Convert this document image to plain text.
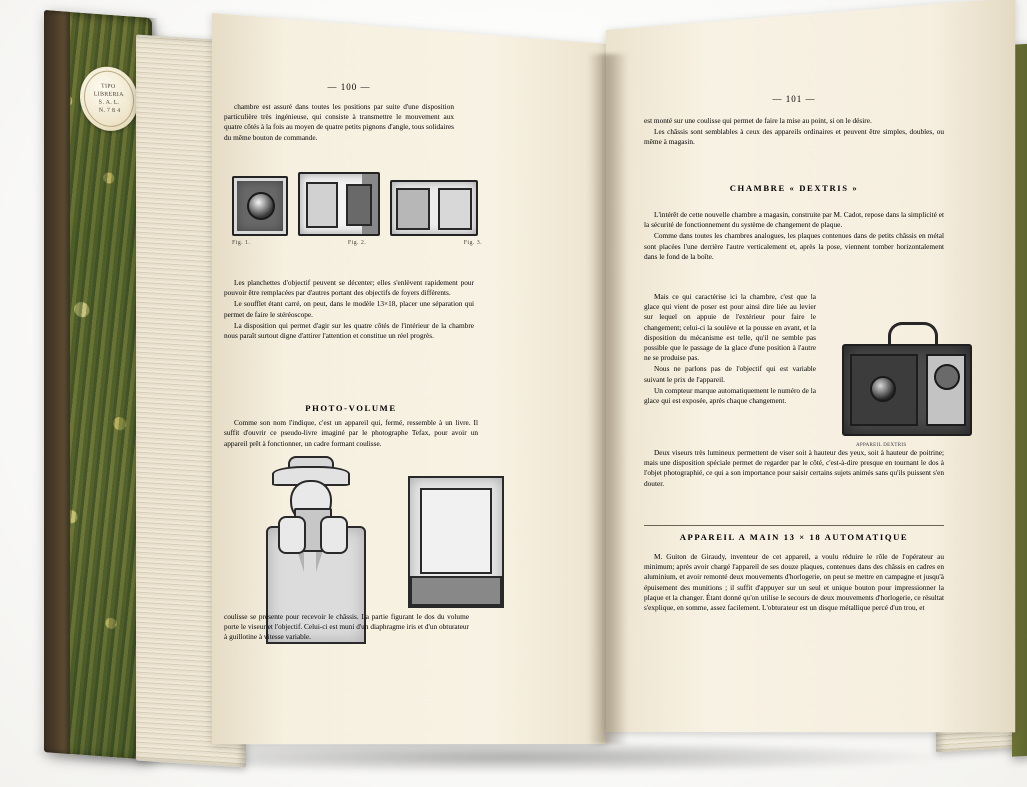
TIPO
LIBRERIA
S. A. L.
N. 7 8 4
— 100 —

chambre est assuré dans toutes les positions par suite d'une disposition particulière très ingénieuse, qui consiste à transmettre le mouvement aux quatre côtés à la fois au moyen de quatre petits pignons d'angle, tous solidaires du même bouton de commande.

Fig. 1.	Fig. 2.	Fig. 3.

Les planchettes d'objectif peuvent se décenter; elles s'enlèvent rapidement pour pouvoir être remplacées par d'autres portant des objectifs de foyers différents.

Le soufflet étant carré, on peut, dans le modèle 13×18, placer une séparation qui permet de faire le stéréoscope.

La disposition qui permet d'agir sur les quatre côtés de l'intérieur de la chambre nous paraît surtout digne d'attirer l'attention et constitue un réel progrès.

PHOTO-VOLUME

Comme son nom l'indique, c'est un appareil qui, fermé, ressemble à un livre. Il suffit d'ouvrir ce pseudo-livre imaginé par le photographe Tefax, pour avoir un appareil prêt à fonctionner, un cadre formant coulisse.

coulisse se présente pour recevoir le châssis. La partie figurant le dos du volume porte le viseur et l'objectif. Celui-ci est muni d'un diaphragme iris et d'un obturateur à guillotine à vitesse variable.

— 101 —

est monté sur une coulisse qui permet de faire la mise au point, si on le désire.

Les châssis sont semblables à ceux des appareils ordinaires et peuvent être simples, doubles, ou même à magasin.

CHAMBRE « DEXTRIS »

L'intérêt de cette nouvelle chambre a magasin, construite par M. Cadot, repose dans la simplicité et la sécurité de fonctionnement du système de changement de plaque.

Comme dans toutes les chambres analogues, les plaques contenues dans de petits châssis en métal sont placées l'une derrière l'autre verticalement et, après la pose, viennent tomber horizontalement dans le fond de la boîte.

Mais ce qui caractérise ici la chambre, c'est que la glace qui vient de poser est pour ainsi dire liée au levier sur lequel on appuie de l'extérieur pour faire le changement; celui-ci la soulève et la pousse en avant, et la disposition du mécanisme est telle, qu'il ne semble pas possible que le passage de la glace d'une position à l'autre ne se produise pas.

Nous ne parlons pas de l'objectif qui est variable suivant le prix de l'appareil.

Un compteur marque automatiquement le numéro de la glace qui est exposée, après chaque changement.

APPAREIL DEXTRIS

Deux viseurs très lumineux permettent de viser soit à hauteur des yeux, soit à hauteur de poitrine; mais une disposition spéciale permet de regarder par le côté, c'est-à-dire presque en tournant le dos à l'objet photographié, ce qui a son importance pour saisir certains sujets animés sans qu'ils puissent s'en douter.

APPAREIL A MAIN 13 × 18 AUTOMATIQUE

M. Guiton de Giraudy, inventeur de cet appareil, a voulu réduire le rôle de l'opérateur au minimum; après avoir chargé l'appareil de ses douze plaques, contenues dans des châssis en cadres en aluminium, et avoir remonté deux mouvements d'horlogerie, on peut se mettre en campagne et jusqu'à épuisement des munitions ; il suffit d'appuyer sur un seul et unique bouton pour impressionner la plaque et la changer. Étant donné qu'on utilise le secours de deux mouvements d'horlogerie, ce résultat s'explique, en somme, assez facilement. L'obturateur est un disque métallique percé d'un trou, et
